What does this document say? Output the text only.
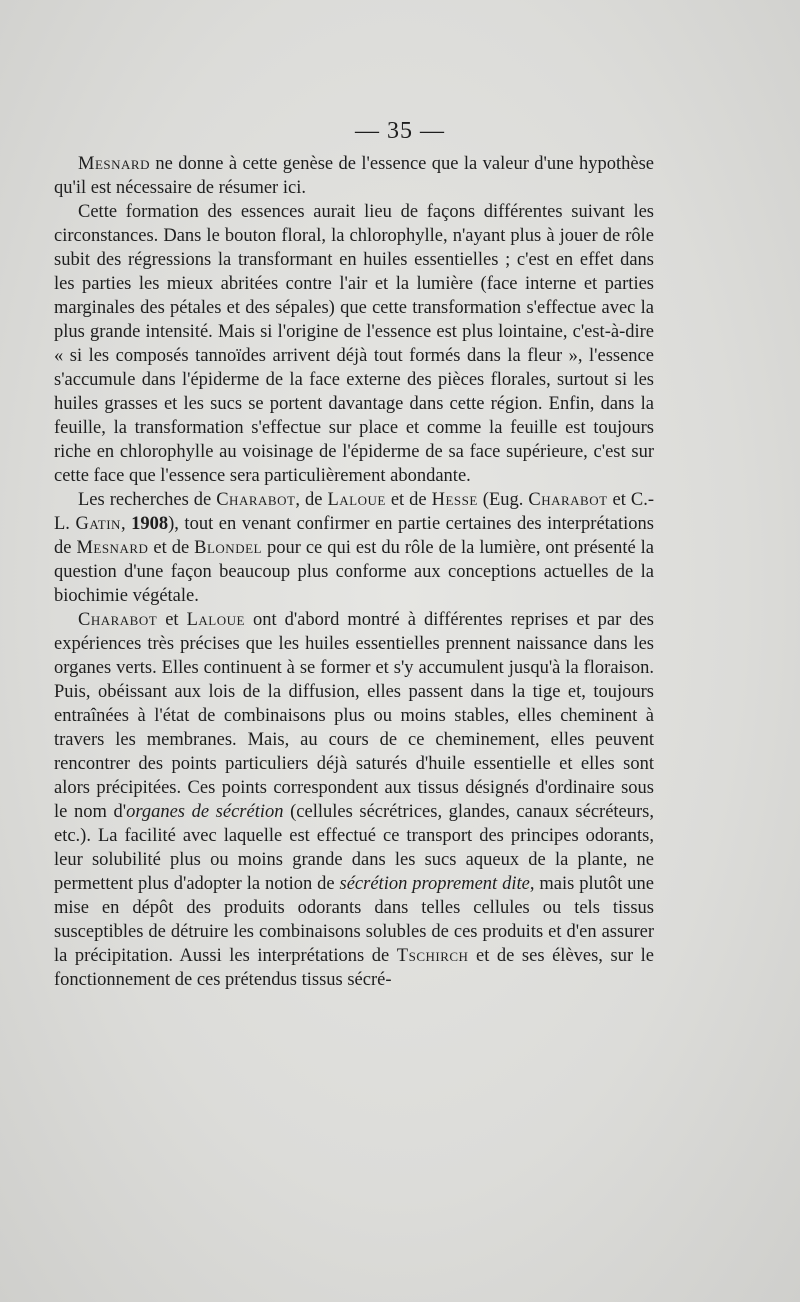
— 35 —

Mesnard ne donne à cette genèse de l'essence que la valeur d'une hypothèse qu'il est nécessaire de résumer ici.

Cette formation des essences aurait lieu de façons différentes suivant les circonstances. Dans le bouton floral, la chlorophylle, n'ayant plus à jouer de rôle subit des régressions la transformant en huiles essentielles ; c'est en effet dans les parties les mieux abritées contre l'air et la lumière (face interne et parties marginales des pétales et des sépales) que cette transformation s'effectue avec la plus grande intensité. Mais si l'origine de l'essence est plus lointaine, c'est-à-dire « si les composés tannoïdes arrivent déjà tout formés dans la fleur », l'essence s'accumule dans l'épiderme de la face externe des pièces florales, surtout si les huiles grasses et les sucs se portent davantage dans cette région. Enfin, dans la feuille, la transformation s'effectue sur place et comme la feuille est toujours riche en chlorophylle au voisinage de l'épiderme de sa face supérieure, c'est sur cette face que l'essence sera particulièrement abondante.

Les recherches de Charabot, de Laloue et de Hesse (Eug. Charabot et C.-L. Gatin, 1908), tout en venant confirmer en partie certaines des interprétations de Mesnard et de Blondel pour ce qui est du rôle de la lumière, ont présenté la question d'une façon beaucoup plus conforme aux conceptions actuelles de la biochimie végétale.

Charabot et Laloue ont d'abord montré à différentes reprises et par des expériences très précises que les huiles essentielles prennent naissance dans les organes verts. Elles continuent à se former et s'y accumulent jusqu'à la floraison. Puis, obéissant aux lois de la diffusion, elles passent dans la tige et, toujours entraînées à l'état de combinaisons plus ou moins stables, elles cheminent à travers les membranes. Mais, au cours de ce cheminement, elles peuvent rencontrer des points particuliers déjà saturés d'huile essentielle et elles sont alors précipitées. Ces points correspondent aux tissus désignés d'ordinaire sous le nom d'organes de sécrétion (cellules sécrétrices, glandes, canaux sécréteurs, etc.). La facilité avec laquelle est effectué ce transport des principes odorants, leur solubilité plus ou moins grande dans les sucs aqueux de la plante, ne permettent plus d'adopter la notion de sécrétion proprement dite, mais plutôt une mise en dépôt des produits odorants dans telles cellules ou tels tissus susceptibles de détruire les combinaisons solubles de ces produits et d'en assurer la précipitation. Aussi les interprétations de Tschirch et de ses élèves, sur le fonctionnement de ces prétendus tissus sécré-
